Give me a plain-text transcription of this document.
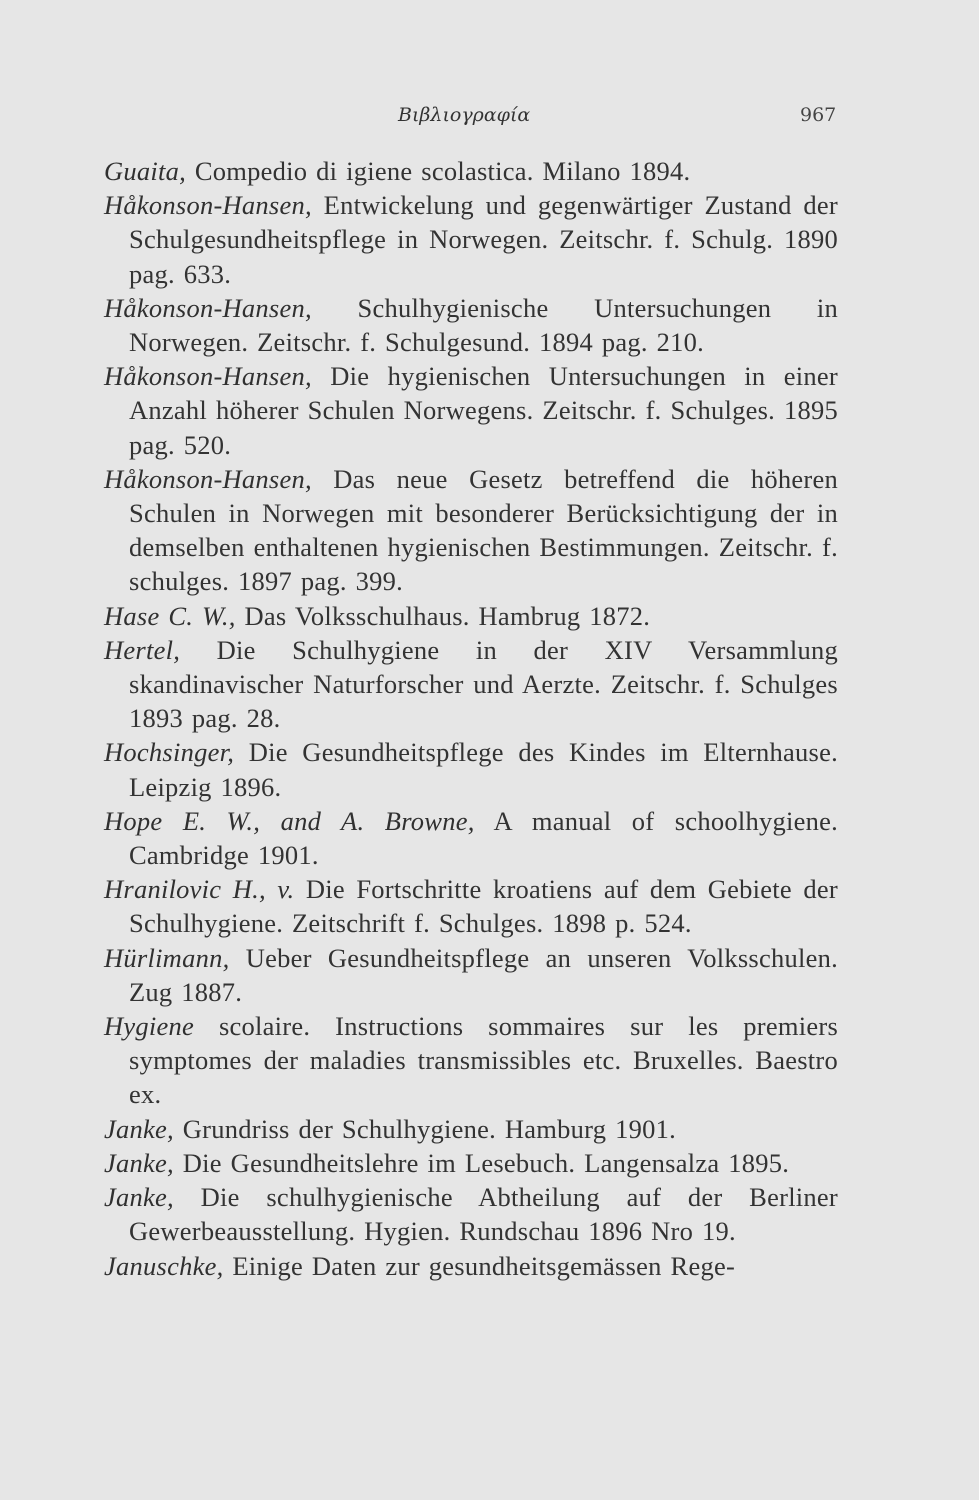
Βιβλιογραφία	967
Guaita, Compedio di igiene scolastica. Milano 1894.
Håkonson-Hansen, Entwickelung und gegenwärtiger Zustand der Schulgesundheitspflege in Norwegen. Zeitschr. f. Schulg. 1890 pag. 633.
Håkonson-Hansen, Schulhygienische Untersuchungen in Norwegen. Zeitschr. f. Schulgesund. 1894 pag. 210.
Håkonson-Hansen, Die hygienischen Untersuchungen in einer Anzahl höherer Schulen Norwegens. Zeitschr. f. Schulges. 1895 pag. 520.
Håkonson-Hansen, Das neue Gesetz betreffend die höheren Schulen in Norwegen mit besonderer Berücksichtigung der in demselben enthaltenen hygienischen Bestimmungen. Zeitschr. f. schulges. 1897 pag. 399.
Hase C. W., Das Volksschulhaus. Hambrug 1872.
Hertel, Die Schulhygiene in der XIV Versammlung skandinavischer Naturforscher und Aerzte. Zeitschr. f. Schulges 1893 pag. 28.
Hochsinger, Die Gesundheitspflege des Kindes im Elternhause. Leipzig 1896.
Hope E. W., and A. Browne, A manual of schoolhygiene. Cambridge 1901.
Hranilovic H., v. Die Fortschritte kroatiens auf dem Gebiete der Schulhygiene. Zeitschrift f. Schulges. 1898 p. 524.
Hürlimann, Ueber Gesundheitspflege an unseren Volksschulen. Zug 1887.
Hygiene scolaire. Instructions sommaires sur les premiers symptomes der maladies transmissibles etc. Bruxelles. Baestro ex.
Janke, Grundriss der Schulhygiene. Hamburg 1901.
Janke, Die Gesundheitslehre im Lesebuch. Langensalza 1895.
Janke, Die schulhygienische Abtheilung auf der Berliner Gewerbeausstellung. Hygien. Rundschau 1896 Nro 19.
Januschke, Einige Daten zur gesundheitsgemässen Rege-
